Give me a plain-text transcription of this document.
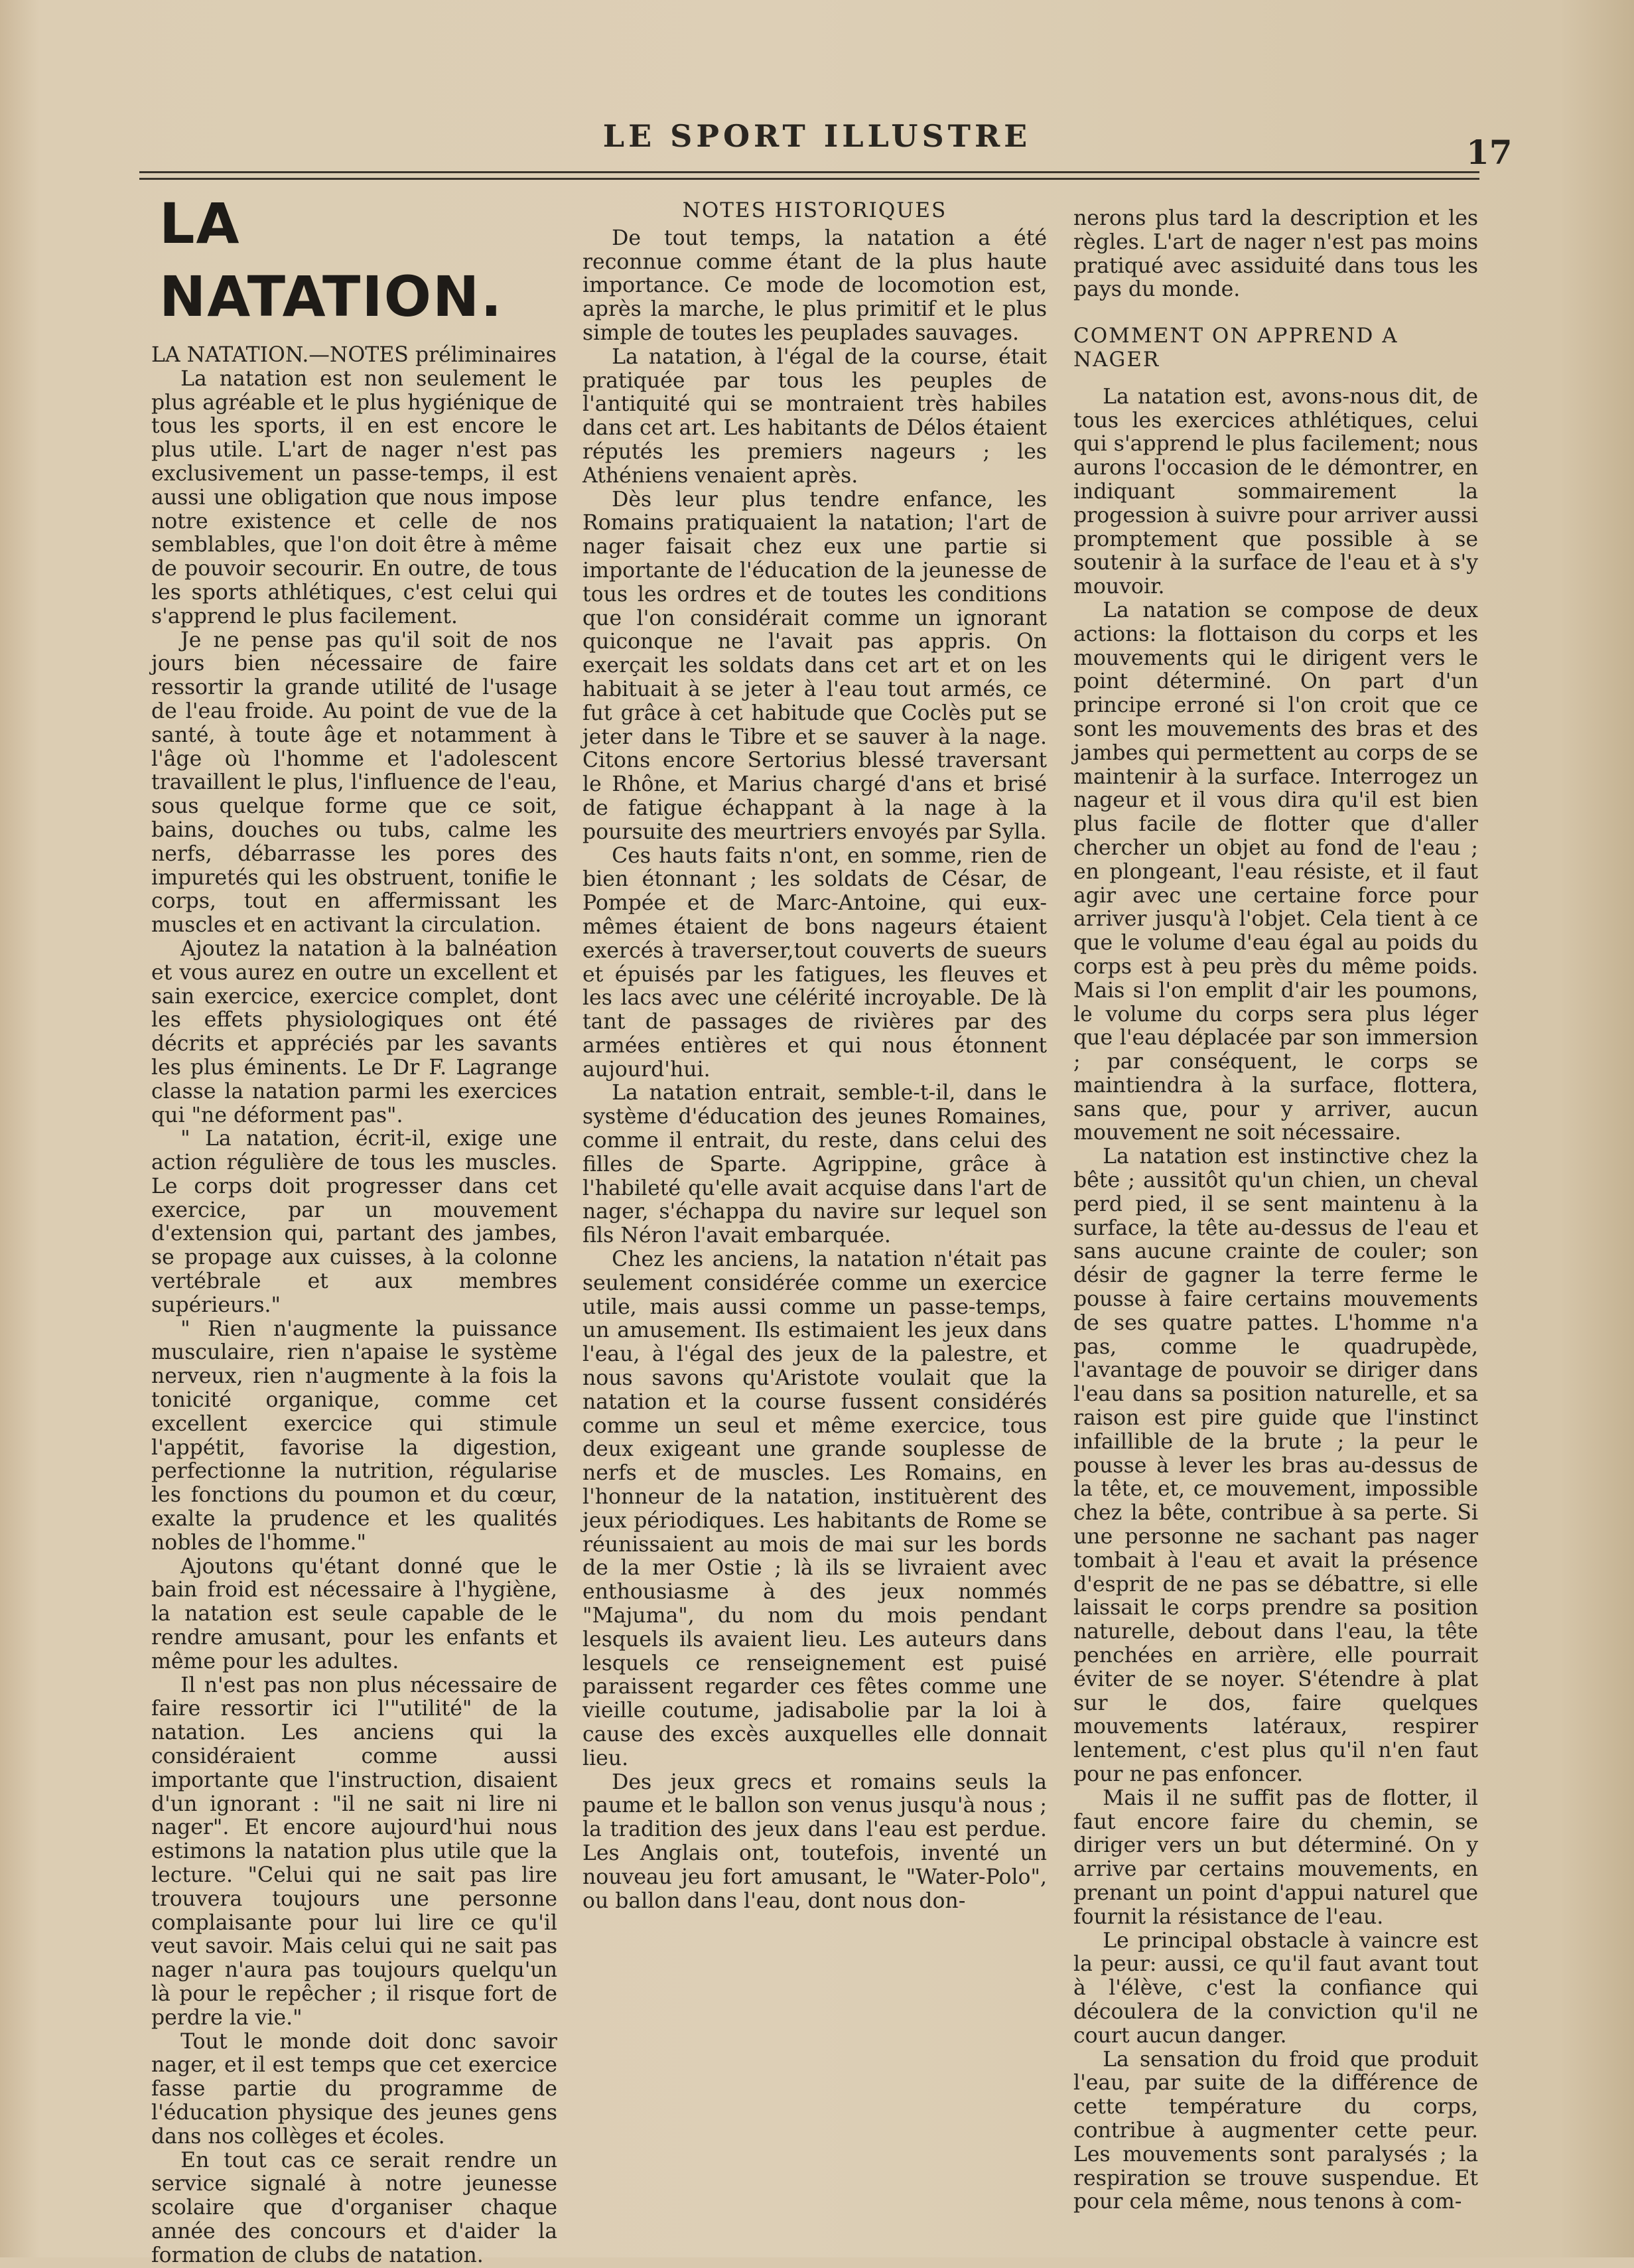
LE SPORT ILLUSTRE	17
LA NATATION.

LA NATATION.—NOTES préliminaires

La natation est non seulement le plus agréable et le plus hygiénique de tous les sports, il en est encore le plus utile. L'art de nager n'est pas exclusivement un passe-temps, il est aussi une obligation que nous impose notre existence et celle de nos semblables, que l'on doit être à même de pouvoir secourir. En outre, de tous les sports athlétiques, c'est celui qui s'apprend le plus facilement.

Je ne pense pas qu'il soit de nos jours bien nécessaire de faire ressortir la grande utilité de l'usage de l'eau froide. Au point de vue de la santé, à toute âge et notamment à l'âge où l'homme et l'adolescent travaillent le plus, l'influence de l'eau, sous quelque forme que ce soit, bains, douches ou tubs, calme les nerfs, débarrasse les pores des impuretés qui les obstruent, tonifie le corps, tout en affermissant les muscles et en activant la circulation.

Ajoutez la natation à la balnéation et vous aurez en outre un excellent et sain exercice, exercice complet, dont les effets physiologiques ont été décrits et appréciés par les savants les plus éminents. Le Dr F. Lagrange classe la natation parmi les exercices qui "ne déforment pas".

" La natation, écrit-il, exige une action régulière de tous les muscles. Le corps doit progresser dans cet exercice, par un mouvement d'extension qui, partant des jambes, se propage aux cuisses, à la colonne vertébrale et aux membres supérieurs."

" Rien n'augmente la puissance musculaire, rien n'apaise le système nerveux, rien n'augmente à la fois la tonicité organique, comme cet excellent exercice qui stimule l'appétit, favorise la digestion, perfectionne la nutrition, régularise les fonctions du poumon et du cœur, exalte la prudence et les qualités nobles de l'homme."

Ajoutons qu'étant donné que le bain froid est nécessaire à l'hygiène, la natation est seule capable de le rendre amusant, pour les enfants et même pour les adultes.

Il n'est pas non plus nécessaire de faire ressortir ici l'"utilité" de la natation. Les anciens qui la considéraient comme aussi importante que l'instruction, disaient d'un ignorant : "il ne sait ni lire ni nager". Et encore aujourd'hui nous estimons la natation plus utile que la lecture. "Celui qui ne sait pas lire trouvera toujours une personne complaisante pour lui lire ce qu'il veut savoir. Mais celui qui ne sait pas nager n'aura pas toujours quelqu'un là pour le repêcher ; il risque fort de perdre la vie."

Tout le monde doit donc savoir nager, et il est temps que cet exercice fasse partie du programme de l'éducation physique des jeunes gens dans nos collèges et écoles.

En tout cas ce serait rendre un service signalé à notre jeunesse scolaire que d'organiser chaque année des concours et d'aider la formation de clubs de natation.

NOTES HISTORIQUES

De tout temps, la natation a été reconnue comme étant de la plus haute importance. Ce mode de locomotion est, après la marche, le plus primitif et le plus simple de toutes les peuplades sauvages.

La natation, à l'égal de la course, était pratiquée par tous les peuples de l'antiquité qui se montraient très habiles dans cet art. Les habitants de Délos étaient réputés les premiers nageurs ; les Athéniens venaient après.

Dès leur plus tendre enfance, les Romains pratiquaient la natation; l'art de nager faisait chez eux une partie si importante de l'éducation de la jeunesse de tous les ordres et de toutes les conditions que l'on considérait comme un ignorant quiconque ne l'avait pas appris. On exerçait les soldats dans cet art et on les habituait à se jeter à l'eau tout armés, ce fut grâce à cet habitude que Coclès put se jeter dans le Tibre et se sauver à la nage. Citons encore Sertorius blessé traversant le Rhône, et Marius chargé d'ans et brisé de fatigue échappant à la nage à la poursuite des meurtriers envoyés par Sylla.

Ces hauts faits n'ont, en somme, rien de bien étonnant ; les soldats de César, de Pompée et de Marc-Antoine, qui eux-mêmes étaient de bons nageurs étaient exercés à traverser,tout couverts de sueurs et épuisés par les fatigues, les fleuves et les lacs avec une célérité incroyable. De là tant de passages de rivières par des armées entières et qui nous étonnent aujourd'hui.

La natation entrait, semble-t-il, dans le système d'éducation des jeunes Romaines, comme il entrait, du reste, dans celui des filles de Sparte. Agrippine, grâce à l'habileté qu'elle avait acquise dans l'art de nager, s'échappa du navire sur lequel son fils Néron l'avait embarquée.

Chez les anciens, la natation n'était pas seulement considérée comme un exercice utile, mais aussi comme un passe-temps, un amusement. Ils estimaient les jeux dans l'eau, à l'égal des jeux de la palestre, et nous savons qu'Aristote voulait que la natation et la course fussent considérés comme un seul et même exercice, tous deux exigeant une grande souplesse de nerfs et de muscles. Les Romains, en l'honneur de la natation, instituèrent des jeux périodiques. Les habitants de Rome se réunissaient au mois de mai sur les bords de la mer Ostie ; là ils se livraient avec enthousiasme à des jeux nommés "Majuma", du nom du mois pendant lesquels ils avaient lieu. Les auteurs dans lesquels ce renseignement est puisé paraissent regarder ces fêtes comme une vieille coutume, jadisabolie par la loi à cause des excès auxquelles elle donnait lieu.

Des jeux grecs et romains seuls la paume et le ballon son venus jusqu'à nous ; la tradition des jeux dans l'eau est perdue. Les Anglais ont, toutefois, inventé un nouveau jeu fort amusant, le "Water-Polo", ou ballon dans l'eau, dont nous don-

nerons plus tard la description et les règles. L'art de nager n'est pas moins pratiqué avec assiduité dans tous les pays du monde.

COMMENT ON APPREND A NAGER

La natation est, avons-nous dit, de tous les exercices athlétiques, celui qui s'apprend le plus facilement; nous aurons l'occasion de le démontrer, en indiquant sommairement la progession à suivre pour arriver aussi promptement que possible à se soutenir à la surface de l'eau et à s'y mouvoir.

La natation se compose de deux actions: la flottaison du corps et les mouvements qui le dirigent vers le point déterminé. On part d'un principe erroné si l'on croit que ce sont les mouvements des bras et des jambes qui permettent au corps de se maintenir à la surface. Interrogez un nageur et il vous dira qu'il est bien plus facile de flotter que d'aller chercher un objet au fond de l'eau ; en plongeant, l'eau résiste, et il faut agir avec une certaine force pour arriver jusqu'à l'objet. Cela tient à ce que le volume d'eau égal au poids du corps est à peu près du même poids. Mais si l'on emplit d'air les poumons, le volume du corps sera plus léger que l'eau déplacée par son immersion ; par conséquent, le corps se maintiendra à la surface, flottera, sans que, pour y arriver, aucun mouvement ne soit nécessaire.

La natation est instinctive chez la bête ; aussitôt qu'un chien, un cheval perd pied, il se sent maintenu à la surface, la tête au-dessus de l'eau et sans aucune crainte de couler; son désir de gagner la terre ferme le pousse à faire certains mouvements de ses quatre pattes. L'homme n'a pas, comme le quadrupède, l'avantage de pouvoir se diriger dans l'eau dans sa position naturelle, et sa raison est pire guide que l'instinct infaillible de la brute ; la peur le pousse à lever les bras au-dessus de la tête, et, ce mouvement, impossible chez la bête, contribue à sa perte. Si une personne ne sachant pas nager tombait à l'eau et avait la présence d'esprit de ne pas se débattre, si elle laissait le corps prendre sa position naturelle, debout dans l'eau, la tête penchées en arrière, elle pourrait éviter de se noyer. S'étendre à plat sur le dos, faire quelques mouvements latéraux, respirer lentement, c'est plus qu'il n'en faut pour ne pas enfoncer.

Mais il ne suffit pas de flotter, il faut encore faire du chemin, se diriger vers un but déterminé. On y arrive par certains mouvements, en prenant un point d'appui naturel que fournit la résistance de l'eau.

Le principal obstacle à vaincre est la peur: aussi, ce qu'il faut avant tout à l'élève, c'est la confiance qui découlera de la conviction qu'il ne court aucun danger.

La sensation du froid que produit l'eau, par suite de la différence de cette température du corps, contribue à augmenter cette peur. Les mouvements sont paralysés ; la respiration se trouve suspendue. Et pour cela même, nous tenons à com-
